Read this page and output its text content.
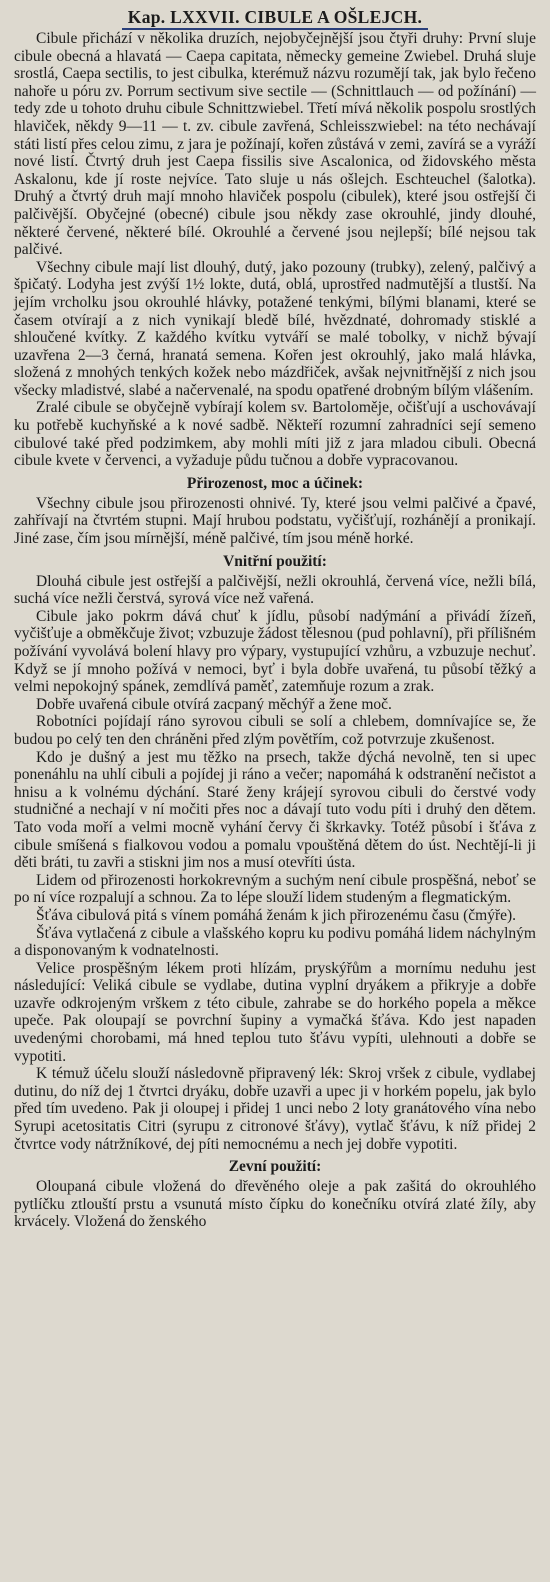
Kap. LXXVII. CIBULE A OŠLEJCH.

Cibule přichází v několika druzích, nejobyčejnější jsou čtyři druhy: První sluje cibule obecná a hlavatá — Caepa capitata, německy gemeine Zwiebel. Druhá sluje srostlá, Caepa sectilis, to jest cibulka, kterémuž názvu rozumějí tak, jak bylo řečeno nahoře u póru zv. Porrum sectivum sive sectile — (Schnittlauch — od požínání) — tedy zde u tohoto druhu cibule Schnittzwiebel. Třetí mívá několik pospolu srostlých hlaviček, někdy 9—11 — t. zv. cibule zavřená, Schleisszwiebel: na této nechávají státi listí přes celou zimu, z jara je požínají, kořen zůstává v zemi, zavírá se a vyráží nové listí. Čtvrtý druh jest Caepa fissilis sive Ascalonica, od židovského města Askalonu, kde jí roste nejvíce. Tato sluje u nás ošlejch. Eschteuchel (šalotka). Druhý a čtvrtý druh mají mnoho hlaviček pospolu (cibulek), které jsou ostřejší či palčivější. Obyčejné (obecné) cibule jsou někdy zase okrouhlé, jindy dlouhé, některé červené, některé bílé. Okrouhlé a červené jsou nejlepší; bílé nejsou tak palčivé.

Všechny cibule mají list dlouhý, dutý, jako pozouny (trubky), zelený, palčivý a špičatý. Lodyha jest zvýší 1½ lokte, dutá, oblá, uprostřed nadmutější a tlustší. Na jejím vrcholku jsou okrouhlé hlávky, potažené tenkými, bílými blanami, které se časem otvírají a z nich vynikají bledě bílé, hvězdnaté, dohromady stisklé a shloučené kvítky. Z každého kvítku vytváří se malé tobolky, v nichž bývají uzavřena 2—3 černá, hranatá semena. Kořen jest okrouhlý, jako malá hlávka, složená z mnohých tenkých kožek nebo mázdřiček, avšak nejvnitřnější z nich jsou všecky mladistvé, slabé a načervenalé, na spodu opatřené drobným bílým vlášením.

Zralé cibule se obyčejně vybírají kolem sv. Bartoloměje, očišťují a uschovávají ku potřebě kuchyňské a k nové sadbě. Někteří rozumní zahradníci sejí semeno cibulové také před podzimkem, aby mohli míti již z jara mladou cibuli. Obecná cibule kvete v červenci, a vyžaduje půdu tučnou a dobře vypracovanou.

Přirozenost, moc a účinek:

Všechny cibule jsou přirozenosti ohnivé. Ty, které jsou velmi palčivé a čpavé, zahřívají na čtvrtém stupni. Mají hrubou podstatu, vyčišťují, rozhánějí a pronikají. Jiné zase, čím jsou mírnější, méně palčivé, tím jsou méně horké.

Vnitřní použití:

Dlouhá cibule jest ostřejší a palčivější, nežli okrouhlá, červená více, nežli bílá, suchá více nežli čerstvá, syrová více než vařená.

Cibule jako pokrm dává chuť k jídlu, působí nadýmání a přivádí žízeň, vyčišťuje a obměkčuje život; vzbuzuje žádost tělesnou (pud pohlavní), při přílišném požívání vyvolává bolení hlavy pro výpary, vystupující vzhůru, a vzbuzuje nechuť. Když se jí mnoho požívá v nemoci, byť i byla dobře uvařená, tu působí těžký a velmi nepokojný spánek, zemdlívá paměť, zatemňuje rozum a zrak.

Dobře uvařená cibule otvírá zacpaný měchýř a žene moč.

Robotníci pojídají ráno syrovou cibuli se solí a chlebem, domnívajíce se, že budou po celý ten den chráněni před zlým povětřím, což potvrzuje zkušenost.

Kdo je dušný a jest mu těžko na prsech, takže dýchá nevolně, ten si upec ponenáhlu na uhlí cibuli a pojídej ji ráno a večer; napomáhá k odstranění nečistot a hnisu a k volnému dýchání. Staré ženy krájejí syrovou cibuli do čerstvé vody studničné a nechají v ní močiti přes noc a dávají tuto vodu píti i druhý den dětem. Tato voda moří a velmi mocně vyhání červy či škrkavky. Totéž působí i šťáva z cibule smíšená s fialkovou vodou a pomalu vpouštěná dětem do úst. Nechtějí-li ji děti bráti, tu zavři a stiskni jim nos a musí otevříti ústa.

Lidem od přirozenosti horkokrevným a suchým není cibule prospěšná, neboť se po ní více rozpalují a schnou. Za to lépe slouží lidem studeným a flegmatickým.

Šťáva cibulová pitá s vínem pomáhá ženám k jich přirozenému času (čmýře).

Šťáva vytlačená z cibule a vlašského kopru ku podivu pomáhá lidem náchylným a disponovaným k vodnatelnosti.

Velice prospěšným lékem proti hlízám, pryskýřům a mornímu neduhu jest následující: Veliká cibule se vydlabe, dutina vyplní dryákem a přikryje a dobře uzavře odkrojeným vrškem z této cibule, zahrabe se do horkého popela a měkce upeče. Pak oloupají se povrchní šupiny a vymačká šťáva. Kdo jest napaden uvedenými chorobami, má hned teplou tuto šťávu vypíti, ulehnouti a dobře se vypotiti.

K témuž účelu slouží následovně připravený lék: Skroj vršek z cibule, vydlabej dutinu, do níž dej 1 čtvrtci dryáku, dobře uzavři a upec ji v horkém popelu, jak bylo před tím uvedeno. Pak ji oloupej i přidej 1 unci nebo 2 loty granátového vína nebo Syrupi acetositatis Citri (syrupu z citronové šťávy), vytlač šťávu, k níž přidej 2 čtvrtce vody nátržníkové, dej píti nemocnému a nech jej dobře vypotiti.

Zevní použití:

Oloupaná cibule vložená do dřevěného oleje a pak zašitá do okrouhlého pytlíčku ztlouští prstu a vsunutá místo čípku do konečníku otvírá zlaté žíly, aby krvácely. Vložená do ženského
